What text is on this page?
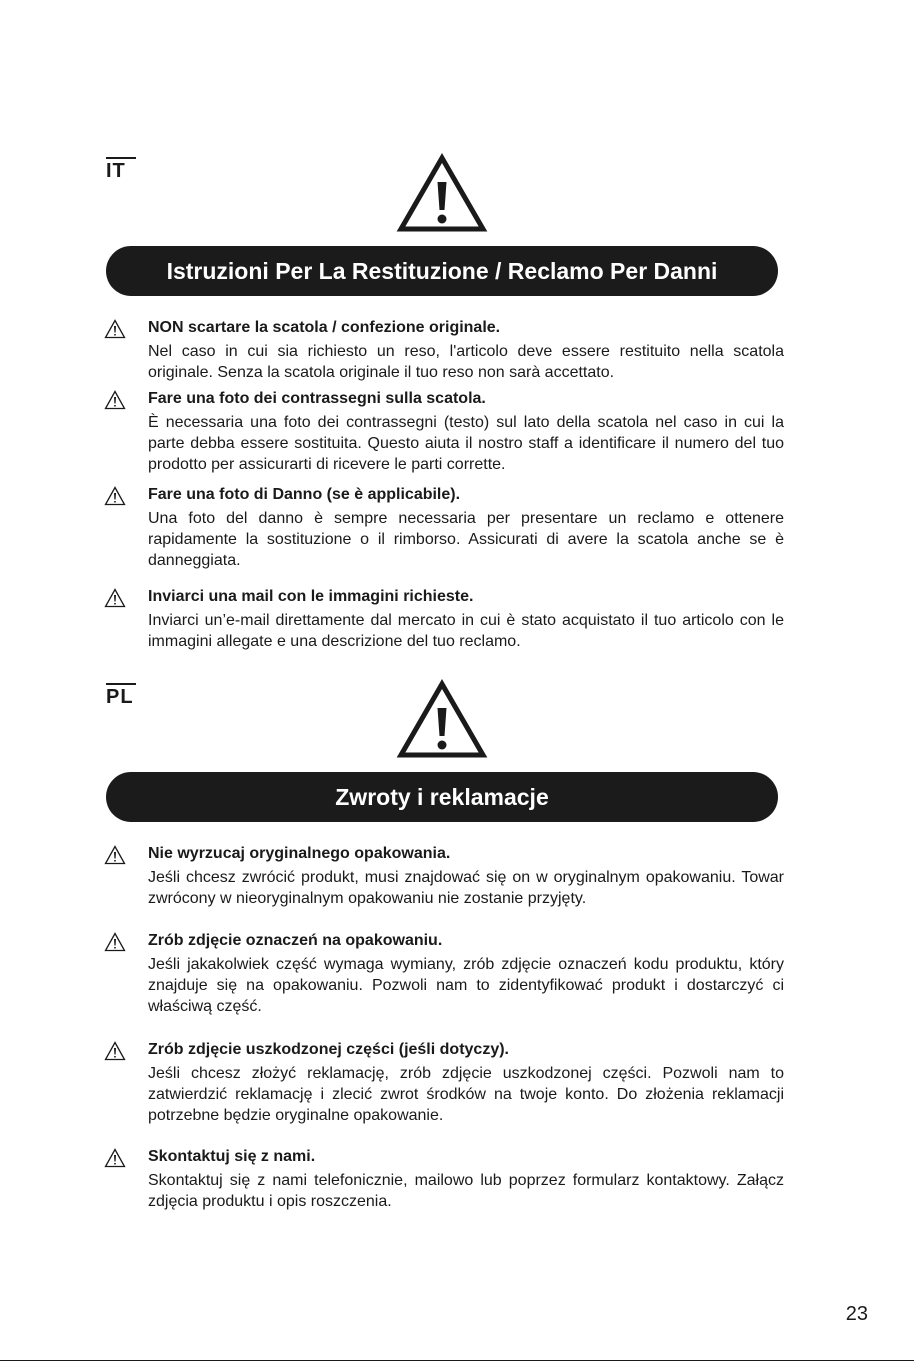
IT
Istruzioni Per La Restituzione / Reclamo Per Danni
NON scartare la scatola / confezione originale.
Nel caso in cui sia richiesto un reso, l'articolo deve essere restituito nella scatola originale. Senza la scatola originale il tuo reso non sarà accettato.
Fare una foto dei contrassegni sulla scatola.
È necessaria una foto dei contrassegni (testo) sul lato della scatola nel caso in cui la parte debba essere sostituita. Questo aiuta il nostro staff a identificare il numero del tuo prodotto per assicurarti di ricevere le parti corrette.
Fare una foto di Danno (se è applicabile).
Una foto del danno è sempre necessaria per presentare un reclamo e ottenere rapidamente la sostituzione o il rimborso. Assicurati di avere la scatola anche se è danneggiata.
Inviarci una mail con le immagini richieste.
Inviarci un’e-mail direttamente dal mercato in cui è stato acquistato il tuo articolo con le immagini allegate e una descrizione del tuo reclamo.
PL
Zwroty i reklamacje
Nie wyrzucaj oryginalnego opakowania.
Jeśli chcesz zwrócić produkt, musi znajdować się on w oryginalnym opakowaniu. Towar zwrócony w nieoryginalnym opakowaniu nie zostanie przyjęty.
Zrób zdjęcie oznaczeń na opakowaniu.
Jeśli jakakolwiek część wymaga wymiany, zrób zdjęcie oznaczeń kodu produktu, który znajduje się na opakowaniu. Pozwoli nam to zidentyfikować produkt i dostarczyć ci właściwą część.
Zrób zdjęcie uszkodzonej części (jeśli dotyczy).
Jeśli chcesz złożyć reklamację, zrób zdjęcie uszkodzonej części. Pozwoli nam to zatwierdzić reklamację i zlecić zwrot środków na twoje konto. Do złożenia reklamacji potrzebne będzie oryginalne opakowanie.
Skontaktuj się z nami.
Skontaktuj się z nami telefonicznie, mailowo lub poprzez formularz kontaktowy. Załącz zdjęcia produktu i opis roszczenia.
23
